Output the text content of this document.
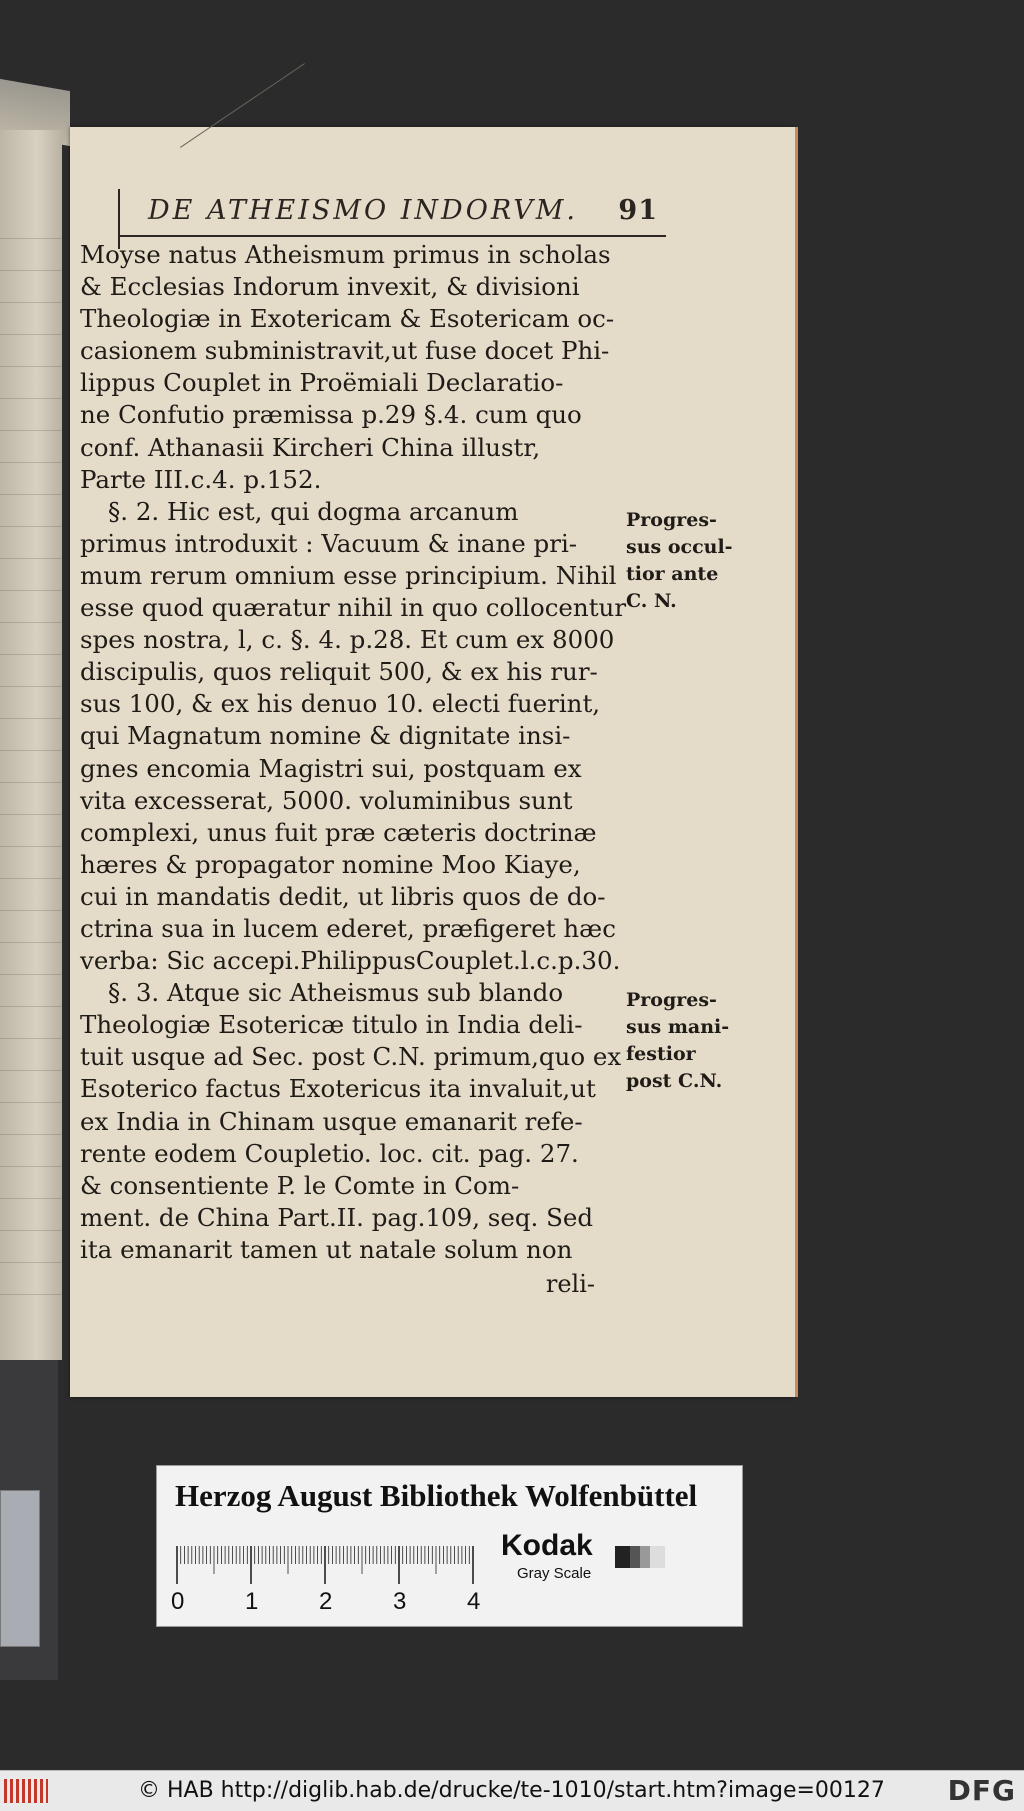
DE ATHEISMO INDORVM. 91
Moyse natus Atheismum primus in scholas
& Ecclesias Indorum invexit, & divisioni
Theologiæ in Exotericam & Esotericam oc-
casionem subministravit,ut fuse docet Phi-
lippus Couplet in Proëmiali Declaratio-
ne Confutio præmissa p.29 §.4. cum quo
conf. Athanasii Kircheri China illustr,
Parte III.c.4. p.152.
§. 2. Hic est, qui dogma arcanum
primus introduxit : Vacuum & inane pri-
mum rerum omnium esse principium. Nihil
esse quod quæratur nihil in quo collocentur
spes nostra, l, c. §. 4. p.28. Et cum ex 8000
discipulis, quos reliquit 500, & ex his rur-
sus 100, & ex his denuo 10. electi fuerint,
qui Magnatum nomine & dignitate insi-
gnes encomia Magistri sui, postquam ex
vita excesserat, 5000. voluminibus sunt
complexi, unus fuit præ cæteris doctrinæ
hæres & propagator nomine Moo Kiaye,
cui in mandatis dedit, ut libris quos de do-
ctrina sua in lucem ederet, præfigeret hæc
verba: Sic accepi.PhilippusCouplet.l.c.p.30.
§. 3. Atque sic Atheismus sub blando
Theologiæ Esotericæ titulo in India deli-
tuit usque ad Sec. post C.N. primum,quo ex
Esoterico factus Exotericus ita invaluit,ut
ex India in Chinam usque emanarit refe-
rente eodem Coupletio. loc. cit. pag. 27.
& consentiente P. le Comte in Com-
ment. de China Part.II. pag.109, seq. Sed
ita emanarit tamen ut natale solum non
Progres-
sus occul-
tior ante
C. N.
Progres-
sus mani-
festior
post C.N.
reli-
Herzog August Bibliothek Wolfenbüttel
0	1	2	3	4
Kodak
Gray Scale
© HAB http://diglib.hab.de/drucke/te-1010/start.htm?image=00127 DFG
